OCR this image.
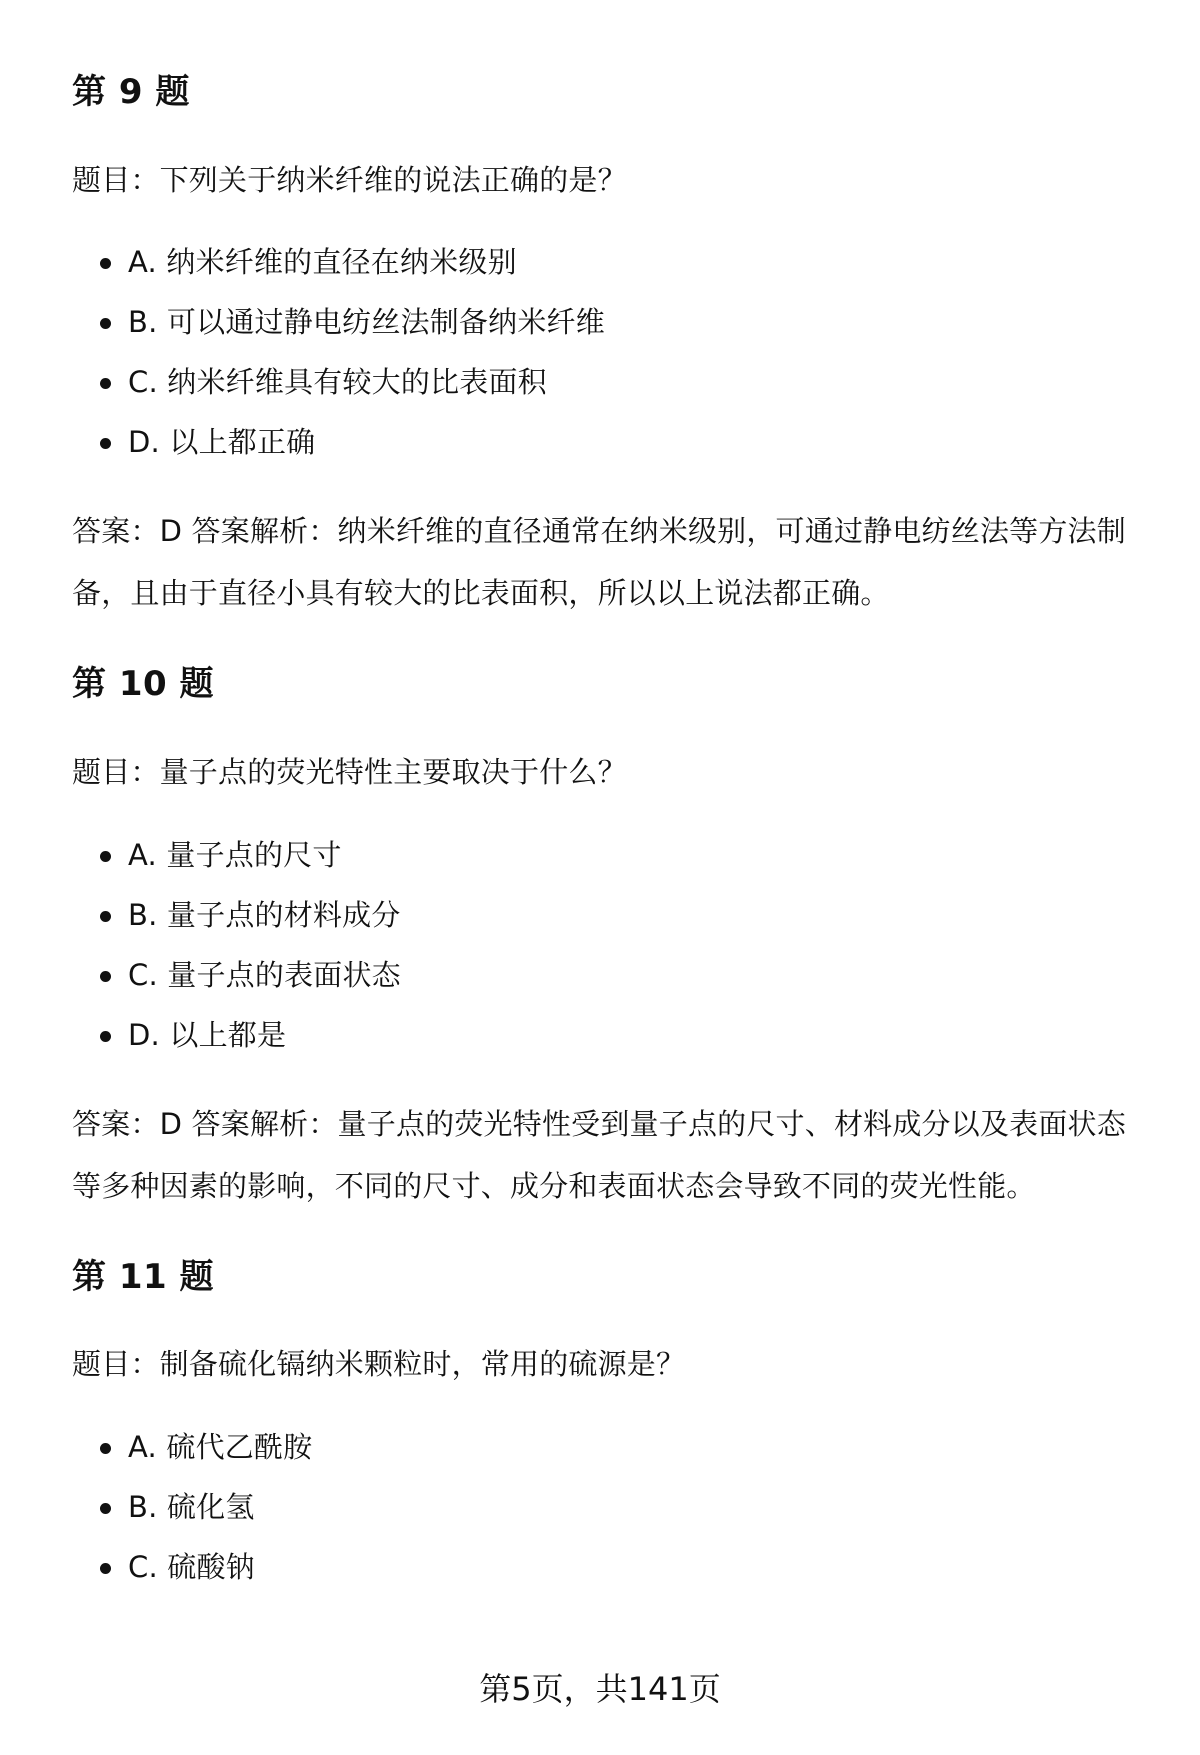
第 9 题

题目：下列关于纳米纤维的说法正确的是？

A. 纳米纤维的直径在纳米级别
B. 可以通过静电纺丝法制备纳米纤维
C. 纳米纤维具有较大的比表面积
D. 以上都正确

答案：D 答案解析：纳米纤维的直径通常在纳米级别，可通过静电纺丝法等方法制备，且由于直径小具有较大的比表面积，所以以上说法都正确。

第 10 题

题目：量子点的荧光特性主要取决于什么？

A. 量子点的尺寸
B. 量子点的材料成分
C. 量子点的表面状态
D. 以上都是

答案：D 答案解析：量子点的荧光特性受到量子点的尺寸、材料成分以及表面状态等多种因素的影响，不同的尺寸、成分和表面状态会导致不同的荧光性能。

第 11 题

题目：制备硫化镉纳米颗粒时，常用的硫源是？

A. 硫代乙酰胺
B. 硫化氢
C. 硫酸钠
第5页，共141页
